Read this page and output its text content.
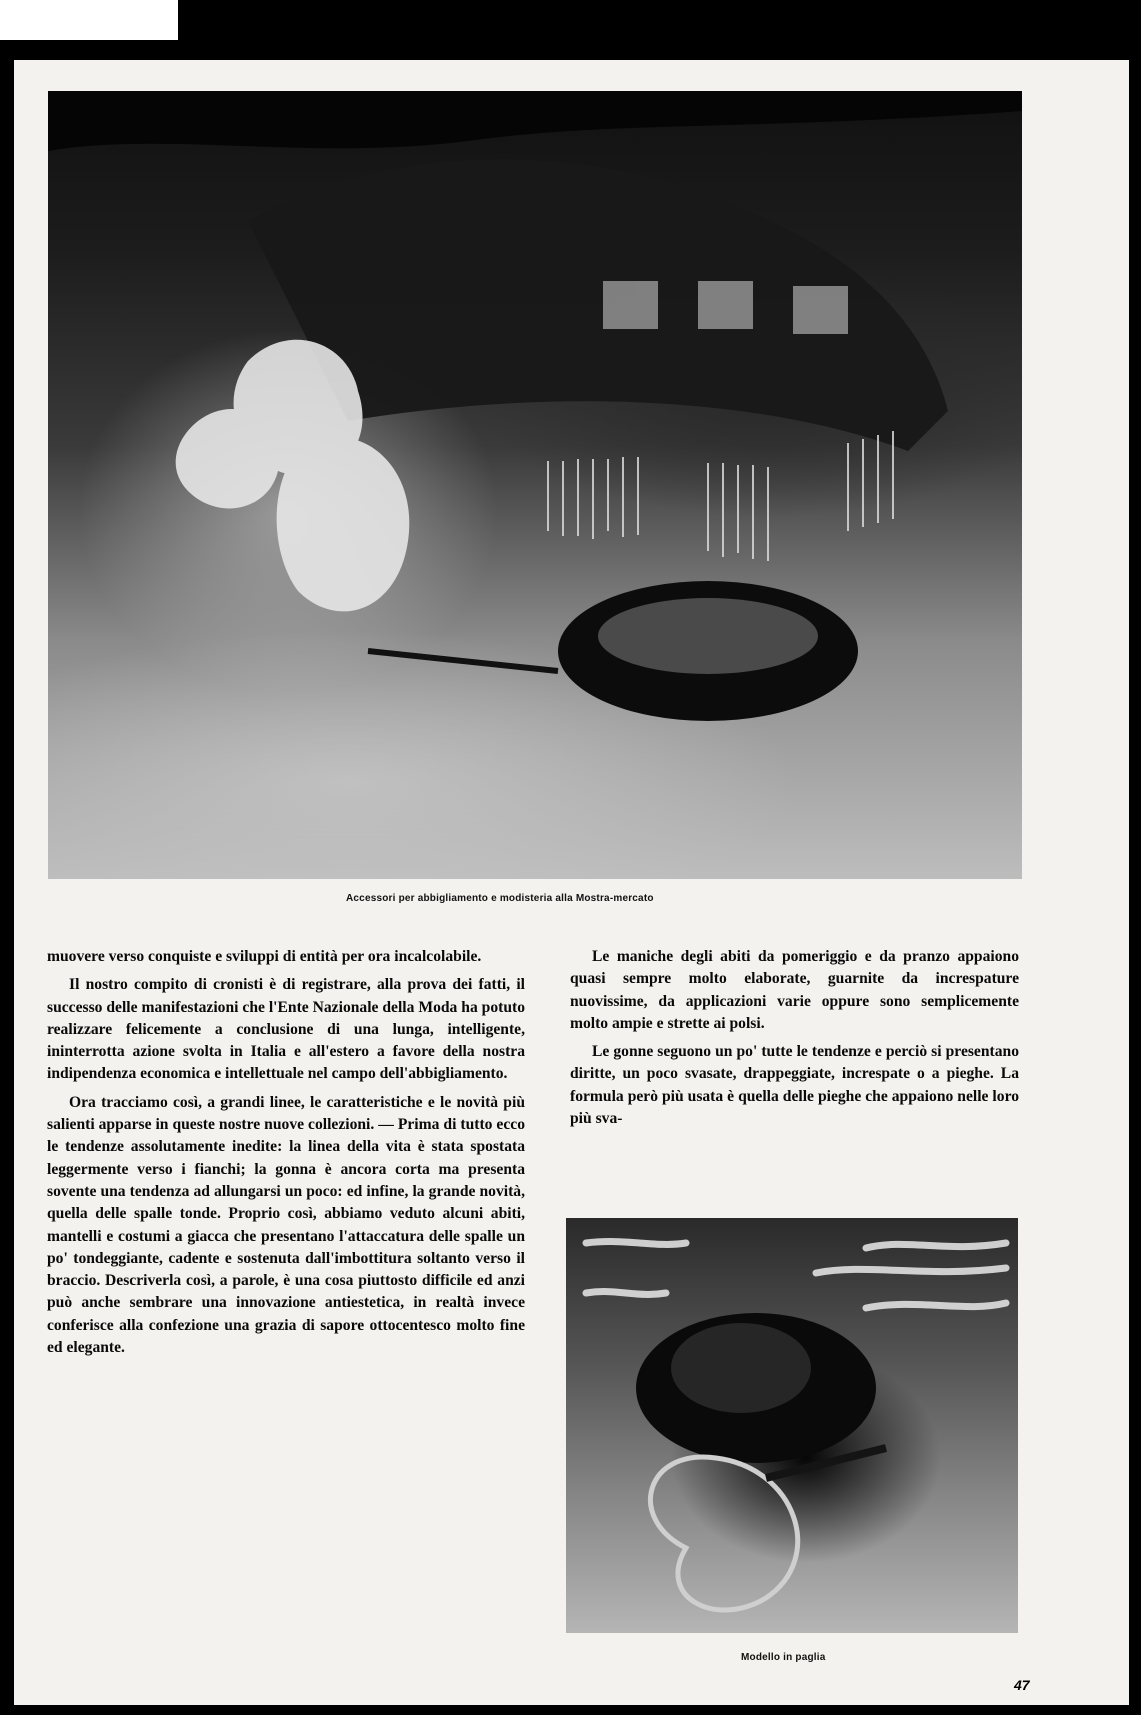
Accessori per abbigliamento e modisteria alla Mostra-mercato

muovere verso conquiste e sviluppi di entità per ora incalcolabile.

Il nostro compito di cronisti è di registrare, alla prova dei fatti, il successo delle manifestazioni che l'Ente Nazionale della Moda ha potuto realizzare felicemente a conclusione di una lunga, intelligente, ininterrotta azione svolta in Italia e all'estero a favore della nostra indipendenza economica e intellettuale nel campo dell'abbigliamento.

Ora tracciamo così, a grandi linee, le caratteristiche e le novità più salienti apparse in queste nostre nuove collezioni. — Prima di tutto ecco le tendenze assolutamente inedite: la linea della vita è stata spostata leggermente verso i fianchi; la gonna è ancora corta ma presenta sovente una tendenza ad allungarsi un poco: ed infine, la grande novità, quella delle spalle tonde. Proprio così, abbiamo veduto alcuni abiti, mantelli e costumi a giacca che presentano l'attaccatura delle spalle un po' tondeggiante, cadente e sostenuta dall'imbottitura soltanto verso il braccio. Descriverla così, a parole, è una cosa piuttosto difficile ed anzi può anche sembrare una innovazione antiestetica, in realtà invece conferisce alla confezione una grazia di sapore ottocentesco molto fine ed elegante.

Le maniche degli abiti da pomeriggio e da pranzo appaiono quasi sempre molto elaborate, guarnite da increspature nuovissime, da applicazioni varie oppure sono semplicemente molto ampie e strette ai polsi.

Le gonne seguono un po' tutte le tendenze e perciò si presentano diritte, un poco svasate, drappeggiate, increspate o a pieghe. La formula però più usata è quella delle pieghe che appaiono nelle loro più sva-

Modello in paglia
47
